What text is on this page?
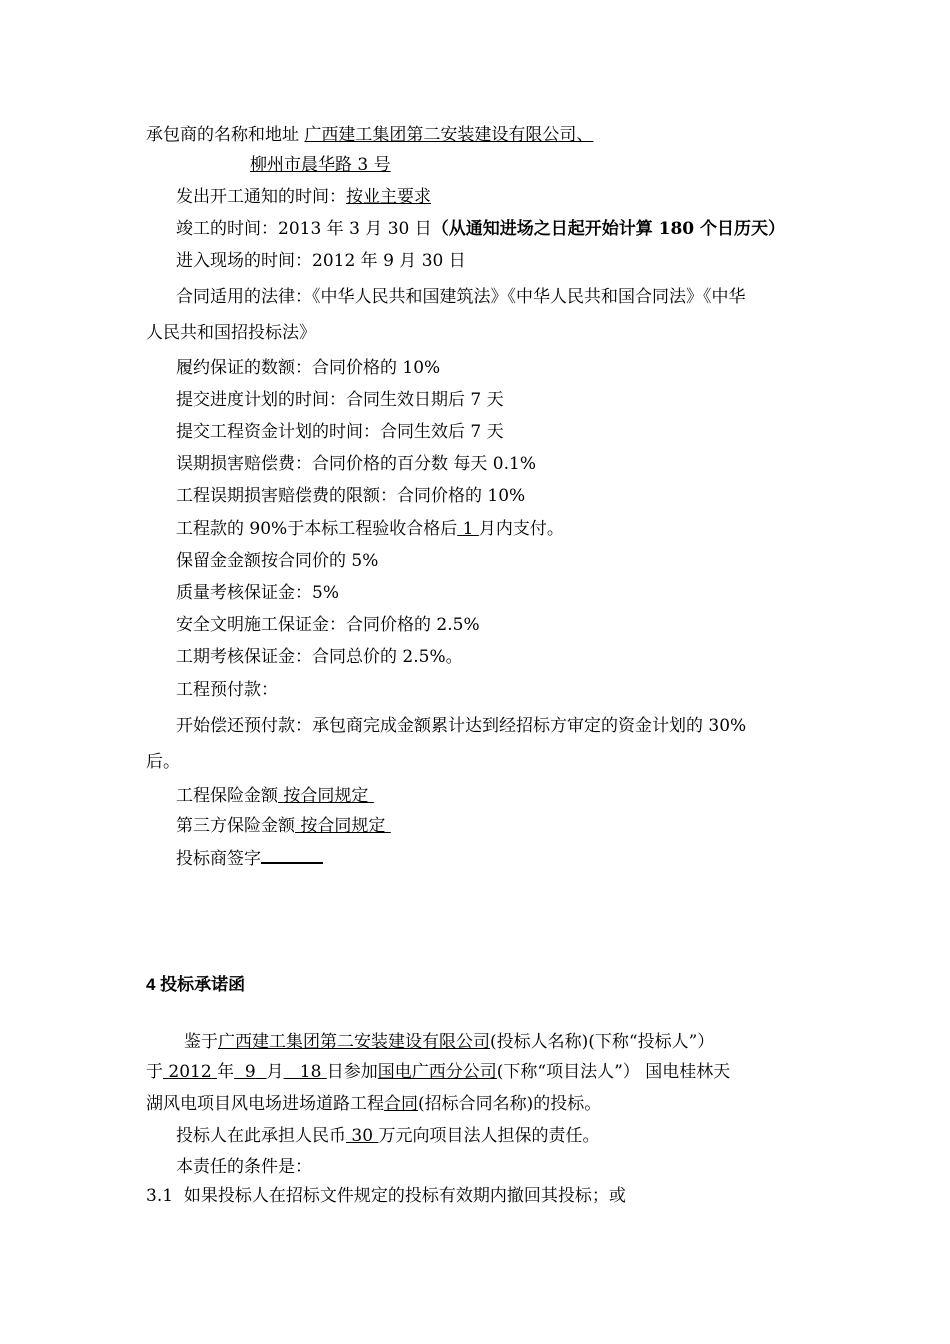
承包商的名称和地址 广西建工集团第二安装建设有限公司、
柳州市晨华路 3 号
发出开工通知的时间：按业主要求
竣工的时间：2013 年 3 月 30 日（从通知进场之日起开始计算 180 个日历天）
进入现场的时间：2012 年 9 月 30 日
合同适用的法律：《中华人民共和国建筑法》《中华人民共和国合同法》《中华
人民共和国招投标法》
履约保证的数额：合同价格的 10%
提交进度计划的时间：合同生效日期后 7 天
提交工程资金计划的时间：合同生效后 7 天
误期损害赔偿费：合同价格的百分数 每天 0.1%
工程误期损害赔偿费的限额：合同价格的 10%
工程款的 90%于本标工程验收合格后 1 月内支付。
保留金金额按合同价的 5%
质量考核保证金：5%
安全文明施工保证金：合同价格的 2.5%
工期考核保证金：合同总价的 2.5%。
工程预付款：
开始偿还预付款：承包商完成金额累计达到经招标方审定的资金计划的 30%
后。
工程保险金额 按合同规定
第三方保险金额 按合同规定
投标商签字
4 投标承诺函
鉴于广西建工集团第二安装建设有限公司(投标人名称)(下称“投标人”）
于 2012 年 9 月 18 日参加国电广西分公司(下称“项目法人”） 国电桂林天
湖风电项目风电场进场道路工程合同(招标合同名称)的投标。
投标人在此承担人民币 30 万元向项目法人担保的责任。
本责任的条件是：
3.1 如果投标人在招标文件规定的投标有效期内撤回其投标；或
